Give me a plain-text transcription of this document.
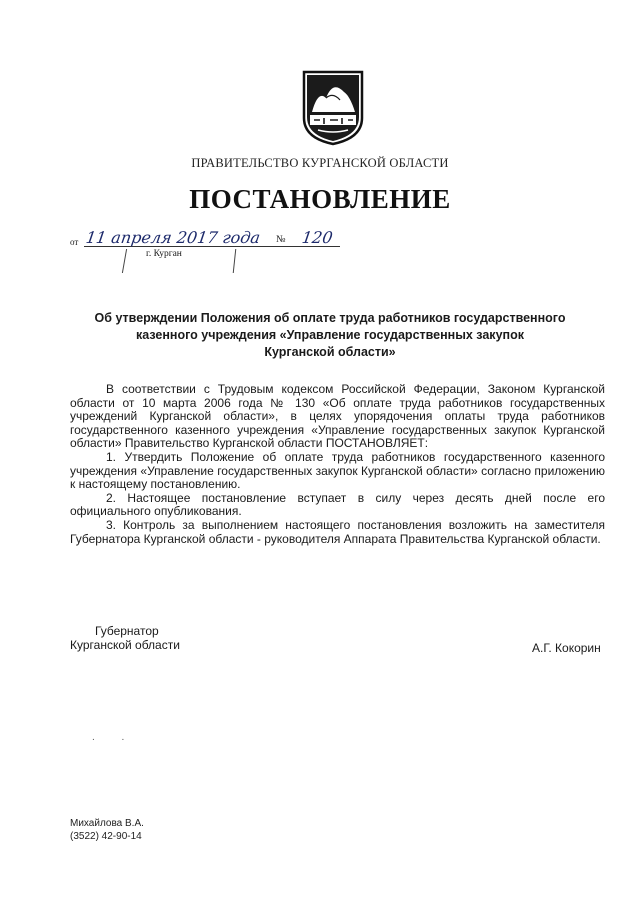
ПРАВИТЕЛЬСТВО КУРГАНСКОЙ ОБЛАСТИ
ПОСТАНОВЛЕНИЕ
от 11 апреля 2017 года № 120
г. Курган
Об утверждении Положения об оплате труда работников государственного
казенного учреждения «Управление государственных закупок
Курганской области»

В соответствии с Трудовым кодексом Российской Федерации, Законом Курганской области от 10 марта 2006 года № 130 «Об оплате труда работников государственных учреждений Курганской области», в целях упорядочения оплаты труда работников государственного казенного учреждения «Управление государственных закупок Курганской области» Правительство Курганской области ПОСТАНОВЛЯЕТ:

1. Утвердить Положение об оплате труда работников государственного казенного учреждения «Управление государственных закупок Курганской области» согласно приложению к настоящему постановлению.

2. Настоящее постановление вступает в силу через десять дней после его официального опубликования.

3. Контроль за выполнением настоящего постановления возложить на заместителя Губернатора Курганской области - руководителя Аппарата Правительства Курганской области.

Губернатор
Курганской области	А.Г. Кокорин
. .
Михайлова В.А.
(3522) 42-90-14
